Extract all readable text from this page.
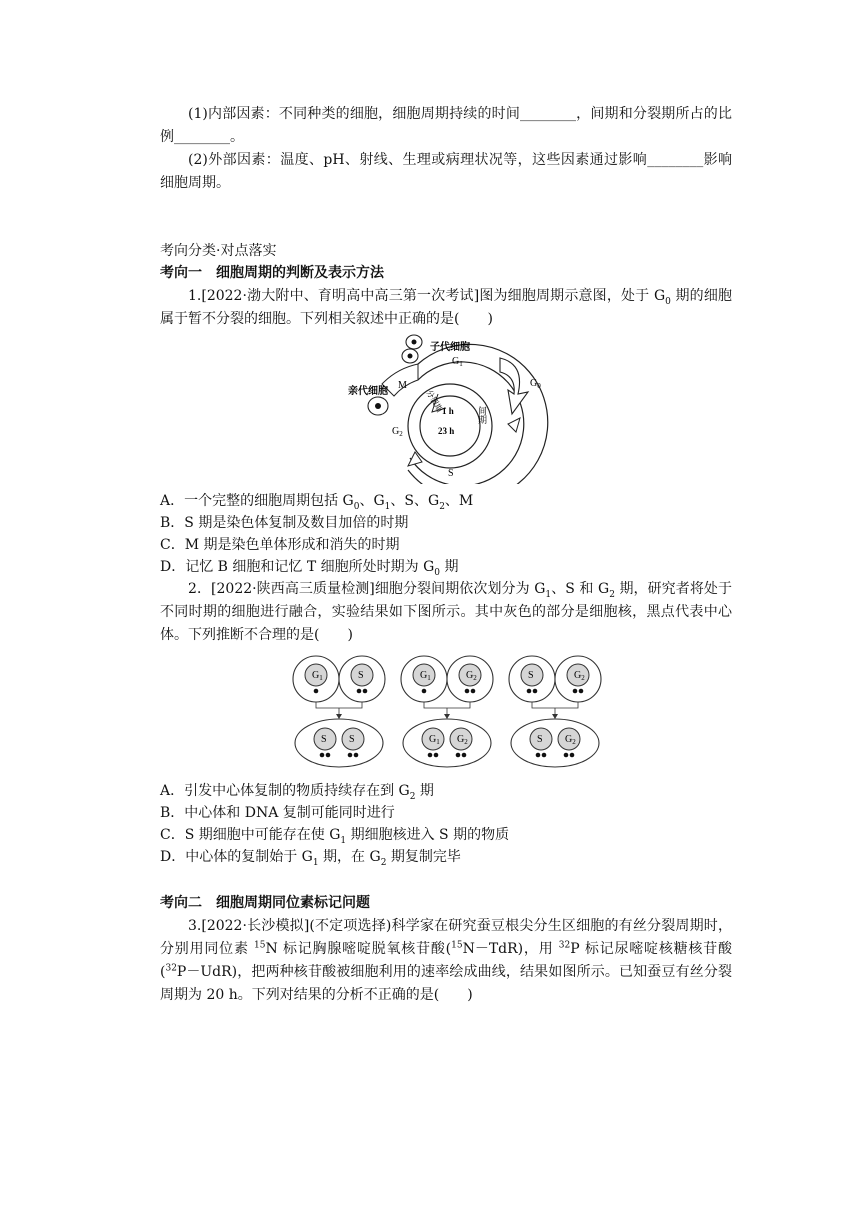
(1)内部因素：不同种类的细胞，细胞周期持续的时间________，间期和分裂期所占的比例________。

(2)外部因素：温度、pH、射线、生理或病理状况等，这些因素通过影响________影响细胞周期。

考向分类·对点落实

考向一　细胞周期的判断及表示方法

1.[2022·渤大附中、育明高中高三第一次考试]图为细胞周期示意图，处于 $G_0$ 期的细胞属于暂不分裂的细胞。下列相关叙述中正确的是(　　)

子代细胞
亲代细胞
$G_1$
$G_0$
M
$G_2$
S
分裂期
间期
1 h
23 h
A．一个完整的细胞周期包括 $G_0$、$G_1$、S、$G_2$、M
B．S 期是染色体复制及数目加倍的时期
C．M 期是染色单体形成和消失的时期
D．记忆 B 细胞和记忆 T 细胞所处时期为 $G_0$ 期

2．[2022·陕西高三质量检测]细胞分裂间期依次划分为 $G_1$、S 和 $G_2$ 期，研究者将处于不同时期的细胞进行融合，实验结果如下图所示。其中灰色的部分是细胞核，黑点代表中心体。下列推断不合理的是(　　)

$G_1$	S
S S
$G_1$	$G_2$
$G_1$ $G_2$
S	$G_2$
S $G_2$
A．引发中心体复制的物质持续存在到 $G_2$ 期
B．中心体和 DNA 复制可能同时进行
C．S 期细胞中可能存在使 $G_1$ 期细胞核进入 S 期的物质
D．中心体的复制始于 $G_1$ 期，在 $G_2$ 期复制完毕

考向二　细胞周期同位素标记问题

3.[2022·长沙模拟](不定项选择)科学家在研究蚕豆根尖分生区细胞的有丝分裂周期时，分别用同位素 $^{15}$N 标记胸腺嘧啶脱氧核苷酸($^{15}$N－TdR)，用 $^{32}$P 标记尿嘧啶核糖核苷酸($^{32}$P－UdR)，把两种核苷酸被细胞利用的速率绘成曲线，结果如图所示。已知蚕豆有丝分裂周期为 20 h。下列对结果的分析不正确的是(　　)
